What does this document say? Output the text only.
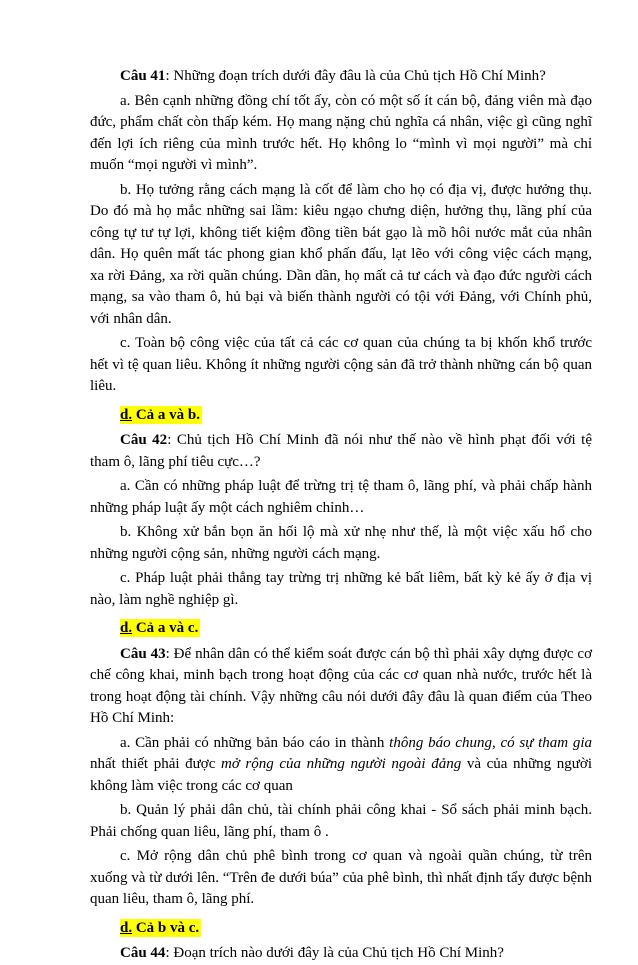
Câu 41: Những đoạn trích dưới đây đâu là của Chủ tịch Hồ Chí Minh?

a. Bên cạnh những đồng chí tốt ấy, còn có một số ít cán bộ, đảng viên mà đạo đức, phẩm chất còn thấp kém. Họ mang nặng chủ nghĩa cá nhân, việc gì cũng nghĩ đến lợi ích riêng của mình trước hết. Họ không lo “mình vì mọi người” mà chỉ muốn “mọi người vì mình”.

b. Họ tưởng rằng cách mạng là cốt để làm cho họ có địa vị, được hưởng thụ. Do đó mà họ mắc những sai lầm: kiêu ngạo chưng diện, hưởng thụ, lãng phí của công tự tư tự lợi, không tiết kiệm đồng tiền bát gạo là mồ hôi nước mắt của nhân dân. Họ quên mất tác phong gian khổ phấn đấu, lạt lẽo với công việc cách mạng, xa rời Đảng, xa rời quần chúng. Dần dần, họ mất cả tư cách và đạo đức người cách mạng, sa vào tham ô, hủ bại và biến thành người có tội với Đảng, với Chính phủ, với nhân dân.

c. Toàn bộ công việc của tất cả các cơ quan của chúng ta bị khốn khổ trước hết vì tệ quan liêu. Không ít những người cộng sản đã trở thành những cán bộ quan liêu.

d. Cả a và b.

Câu 42: Chủ tịch Hồ Chí Minh đã nói như thế nào về hình phạt đối với tệ tham ô, lãng phí tiêu cực…?

a. Cần có những pháp luật để trừng trị tệ tham ô, lãng phí, và phải chấp hành những pháp luật ấy một cách nghiêm chỉnh…

b. Không xử bắn bọn ăn hối lộ mà xử nhẹ như thế, là một việc xấu hổ cho những người cộng sản, những người cách mạng.

c. Pháp luật phải thẳng tay trừng trị những kẻ bất liêm, bất kỳ kẻ ấy ở địa vị nào, làm nghề nghiệp gì.

d. Cả a và c.

Câu 43: Để nhân dân có thể kiểm soát được cán bộ thì phải xây dựng được cơ chế công khai, minh bạch trong hoạt động của các cơ quan nhà nước, trước hết là trong hoạt động tài chính. Vậy những câu nói dưới đây đâu là quan điểm của Theo Hồ Chí Minh:

a. Cần phải có những bản báo cáo in thành thông báo chung, có sự tham gia nhất thiết phải được mở rộng của những người ngoài đảng và của những người không làm việc trong các cơ quan

b. Quản lý phải dân chủ, tài chính phải công khai - Sổ sách phải minh bạch. Phải chống quan liêu, lãng phí, tham ô .

c. Mở rộng dân chủ phê bình trong cơ quan và ngoài quần chúng, từ trên xuống và từ dưới lên. “Trên đe dưới búa” của phê bình, thì nhất định tẩy được bệnh quan liêu, tham ô, lãng phí.

d. Cả b và c.

Câu 44: Đoạn trích nào dưới đây là của Chủ tịch Hồ Chí Minh?
